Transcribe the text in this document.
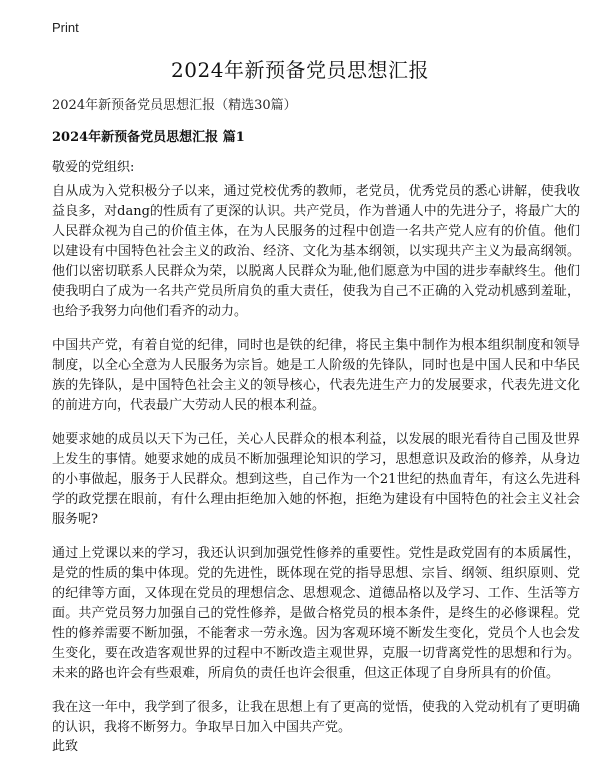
Print
2024年新预备党员思想汇报
2024年新预备党员思想汇报（精选30篇）
2024年新预备党员思想汇报 篇1
敬爱的党组织:

自从成为入党积极分子以来，通过党校优秀的教师，老党员，优秀党员的悉心讲解，使我收益良多，对dang的性质有了更深的认识。共产党员，作为普通人中的先进分子，将最广大的人民群众视为自己的价值主体，在为人民服务的过程中创造一名共产党人应有的价值。他们以建设有中国特色社会主义的政治、经济、文化为基本纲领，以实现共产主义为最高纲领。他们以密切联系人民群众为荣，以脱离人民群众为耻,他们愿意为中国的进步奉献终生。他们使我明白了成为一名共产党员所肩负的重大责任，使我为自己不正确的入党动机感到羞耻，也给予我努力向他们看齐的动力。

中国共产党，有着自觉的纪律，同时也是铁的纪律，将民主集中制作为根本组织制度和领导制度，以全心全意为人民服务为宗旨。她是工人阶级的先锋队，同时也是中国人民和中华民族的先锋队，是中国特色社会主义的领导核心，代表先进生产力的发展要求，代表先进文化的前进方向，代表最广大劳动人民的根本利益。

她要求她的成员以天下为己任，关心人民群众的根本利益，以发展的眼光看待自己围及世界上发生的事情。她要求她的成员不断加强理论知识的学习，思想意识及政治的修养，从身边的小事做起，服务于人民群众。想到这些，自己作为一个21世纪的热血青年，有这么先进科学的政党摆在眼前，有什么理由拒绝加入她的怀抱，拒绝为建设有中国特色的社会主义社会服务呢?

通过上党课以来的学习，我还认识到加强党性修养的重要性。党性是政党固有的本质属性，是党的性质的集中体现。党的先进性，既体现在党的指导思想、宗旨、纲领、组织原则、党的纪律等方面，又体现在党员的理想信念、思想观念、道德品格以及学习、工作、生活等方面。共产党员努力加强自己的党性修养，是做合格党员的根本条件，是终生的必修课程。党性的修养需要不断加强，不能奢求一劳永逸。因为客观环境不断发生变化，党员个人也会发生变化，要在改造客观世界的过程中不断改造主观世界，克服一切背离党性的思想和行为。未来的路也许会有些艰难，所肩负的责任也许会很重，但这正体现了自身所具有的价值。

我在这一年中，我学到了很多，让我在思想上有了更高的觉悟，使我的入党动机有了更明确的认识，我将不断努力。争取早日加入中国共产党。

此致
